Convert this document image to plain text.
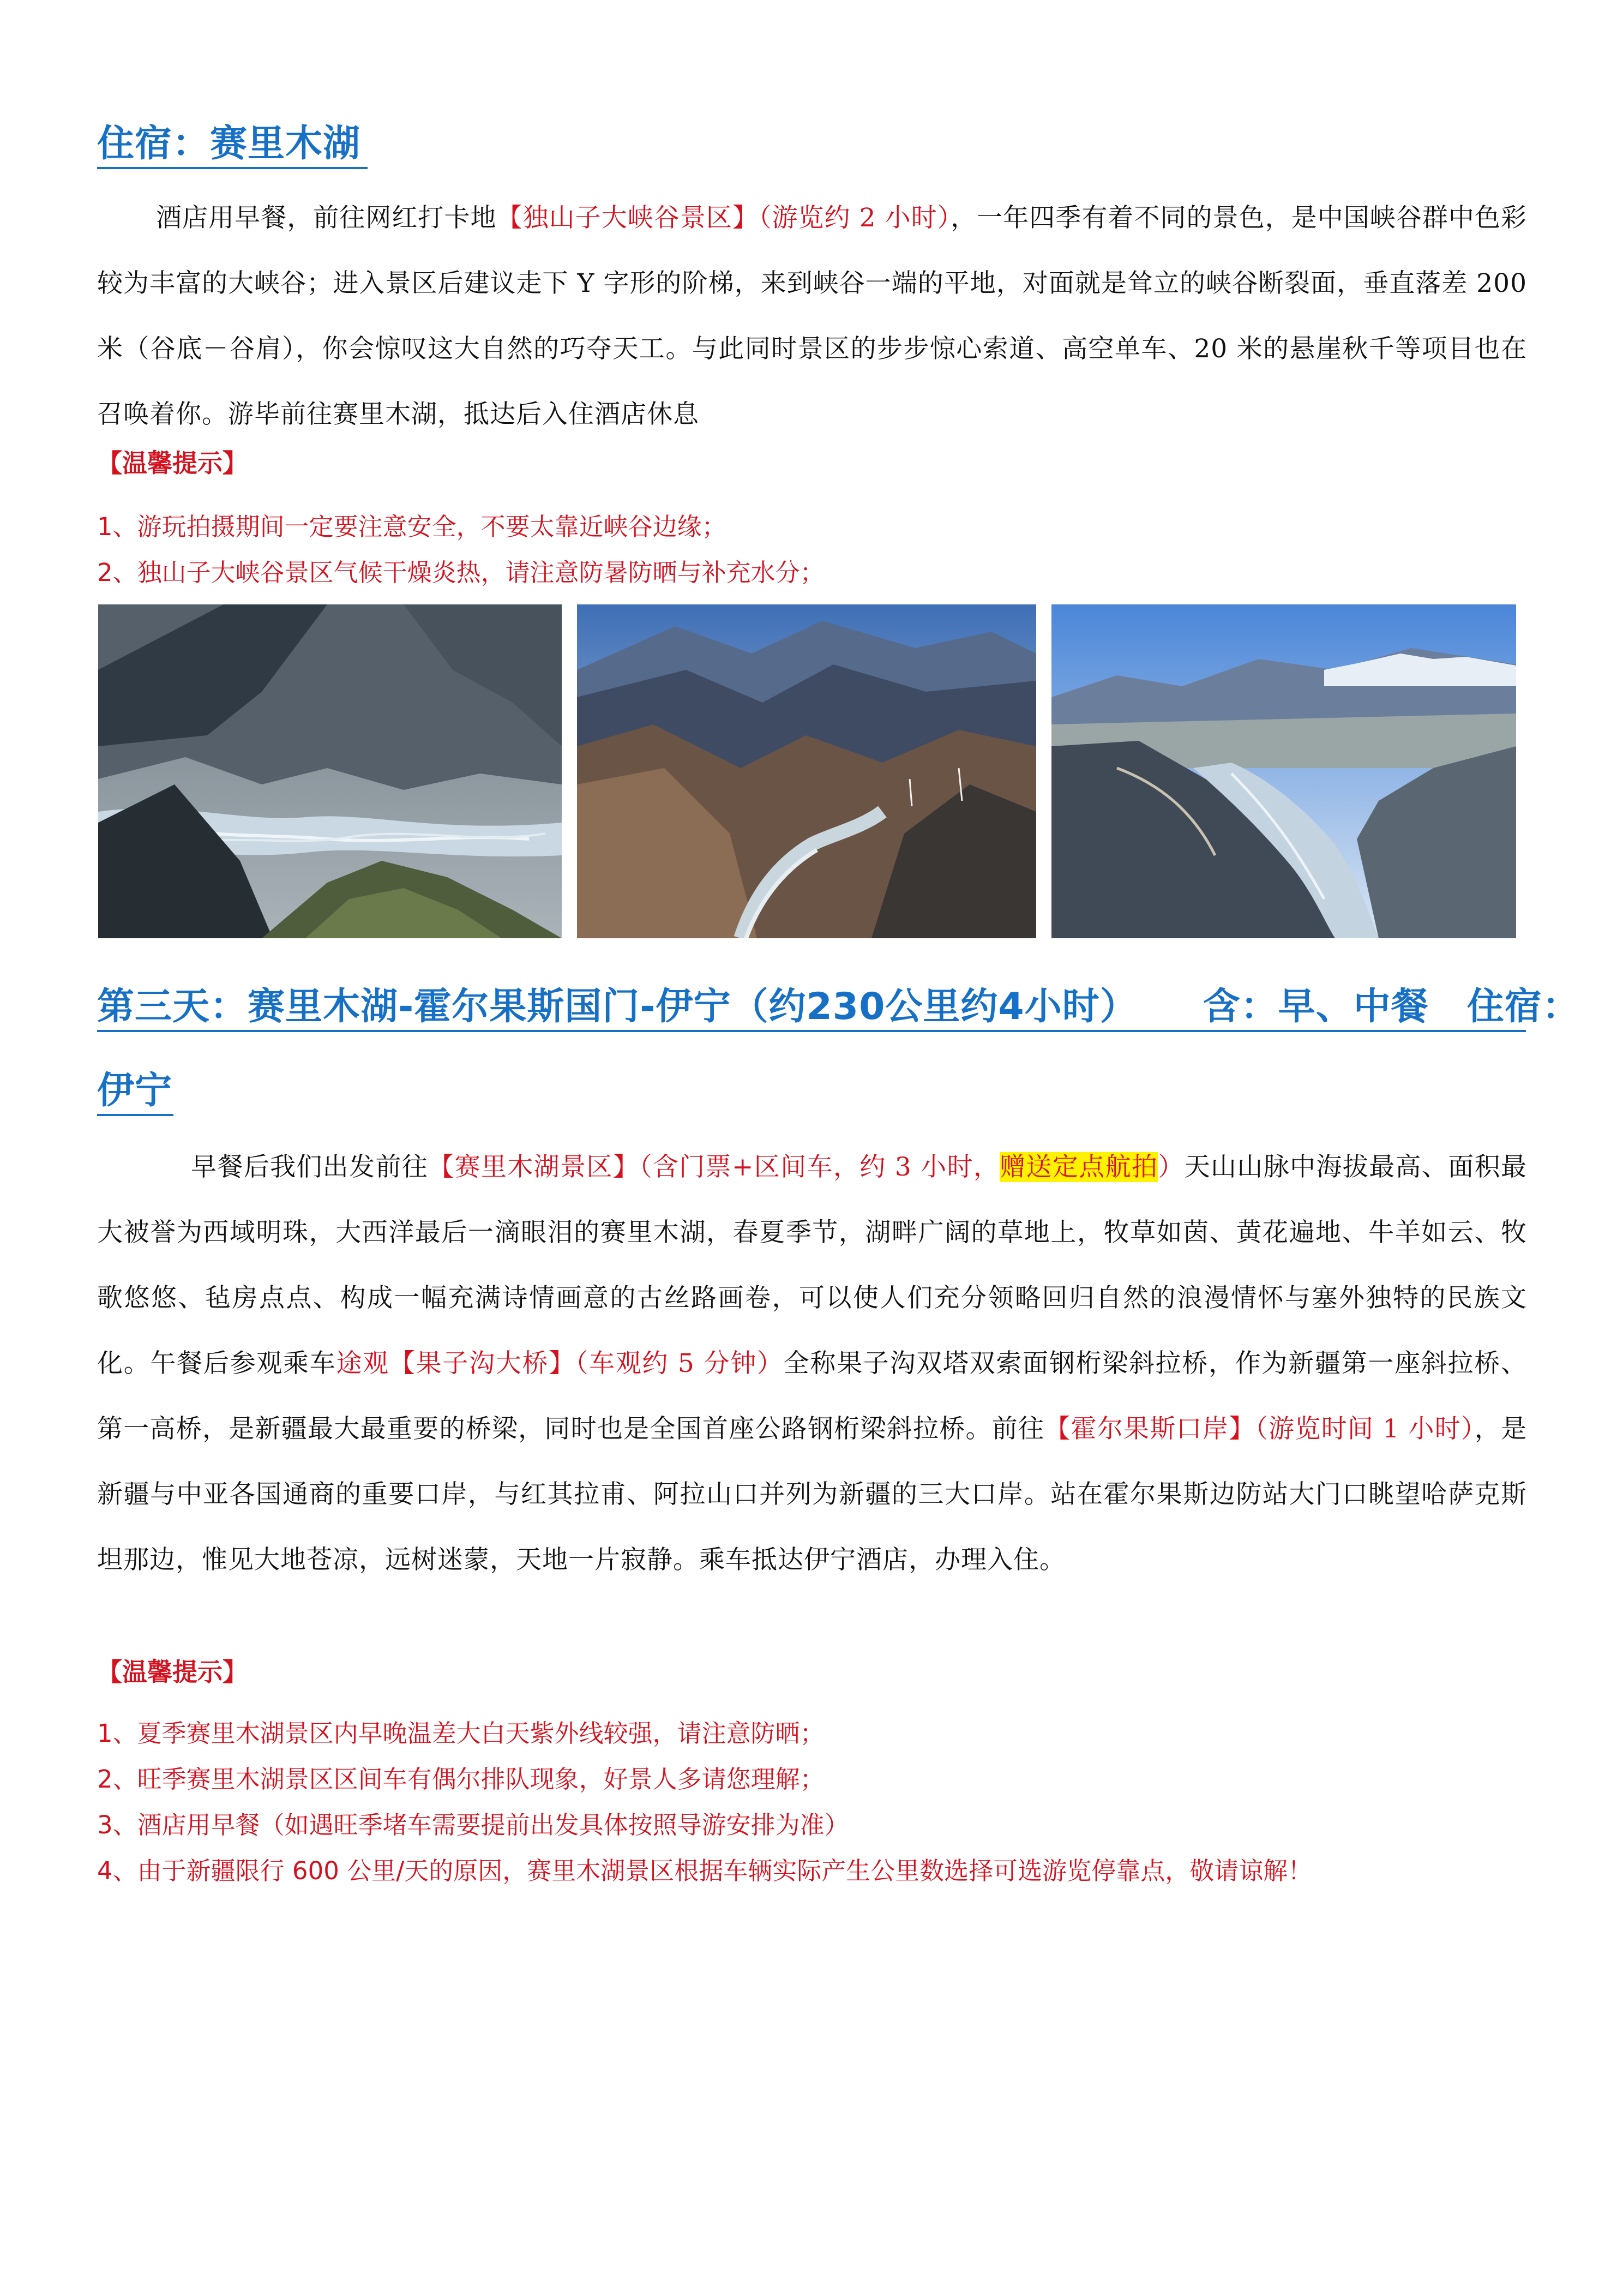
住宿：赛里木湖

酒店用早餐，前往网红打卡地【独山子大峡谷景区】（游览约 2 小时），一年四季有着不同的景色，是中国峡谷群中色彩较为丰富的大峡谷；进入景区后建议走下 Y 字形的阶梯，来到峡谷一端的平地，对面就是耸立的峡谷断裂面，垂直落差 200 米（谷底－谷肩），你会惊叹这大自然的巧夺天工。与此同时景区的步步惊心索道、高空单车、20 米的悬崖秋千等项目也在召唤着你。游毕前往赛里木湖，抵达后入住酒店休息

【温馨提示】
1、游玩拍摄期间一定要注意安全，不要太靠近峡谷边缘；
2、独山子大峡谷景区气候干燥炎热，请注意防暑防晒与补充水分；
第三天：赛里木湖-霍尔果斯国门-伊宁（约230公里约4小时） 含：早、中餐 住宿：
伊宁

早餐后我们出发前往【赛里木湖景区】（含门票+区间车，约 3 小时，赠送定点航拍）天山山脉中海拔最高、面积最大被誉为西域明珠，大西洋最后一滴眼泪的赛里木湖，春夏季节，湖畔广阔的草地上，牧草如茵、黄花遍地、牛羊如云、牧歌悠悠、毡房点点、构成一幅充满诗情画意的古丝路画卷，可以使人们充分领略回归自然的浪漫情怀与塞外独特的民族文化。午餐后参观乘车途观【果子沟大桥】（车观约 5 分钟）全称果子沟双塔双索面钢桁梁斜拉桥，作为新疆第一座斜拉桥、第一高桥，是新疆最大最重要的桥梁，同时也是全国首座公路钢桁梁斜拉桥。前往【霍尔果斯口岸】（游览时间 1 小时），是新疆与中亚各国通商的重要口岸，与红其拉甫、阿拉山口并列为新疆的三大口岸。站在霍尔果斯边防站大门口眺望哈萨克斯坦那边，惟见大地苍凉，远树迷蒙，天地一片寂静。乘车抵达伊宁酒店，办理入住。

【温馨提示】
1、夏季赛里木湖景区内早晚温差大白天紫外线较强，请注意防晒；
2、旺季赛里木湖景区区间车有偶尔排队现象，好景人多请您理解；
3、酒店用早餐（如遇旺季堵车需要提前出发具体按照导游安排为准）
4、由于新疆限行 600 公里/天的原因，赛里木湖景区根据车辆实际产生公里数选择可选游览停靠点，敬请谅解！
